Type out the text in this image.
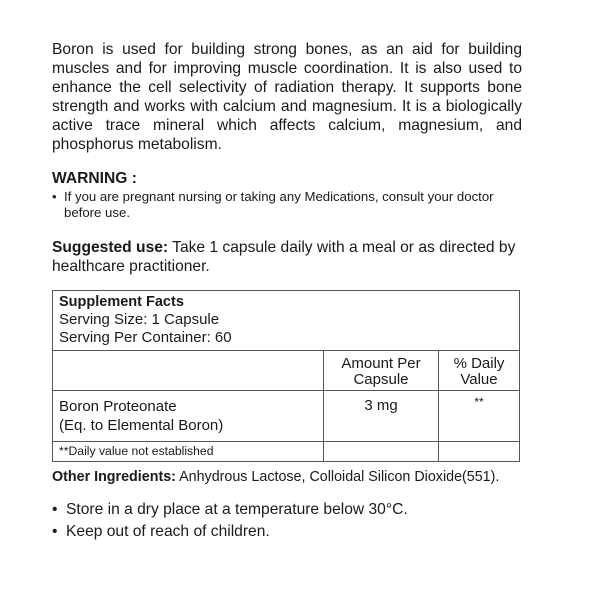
Boron is used for building strong bones, as an aid for building muscles and for improving muscle coordination. It is also used to enhance the cell selectivity of radiation therapy. It supports bone strength and works with calcium and magnesium. It is a biologically active trace mineral which affects calcium, magnesium, and phosphorus metabolism.

WARNING :
• If you are pregnant nursing or taking any Medications, consult your doctor before use.
Suggested use: Take 1 capsule daily with a meal or as directed by healthcare practitioner.
Supplement Facts
Serving Size: 1 Capsule
Serving Per Container: 60		

	Amount Per Capsule	% Daily Value

Boron Proteonate
(Eq. to Elemental Boron)	3 mg	**
**Daily value not established		
Other Ingredients: Anhydrous Lactose, Colloidal Silicon Dioxide(551).
• Store in a dry place at a temperature below 30°C.
• Keep out of reach of children.
